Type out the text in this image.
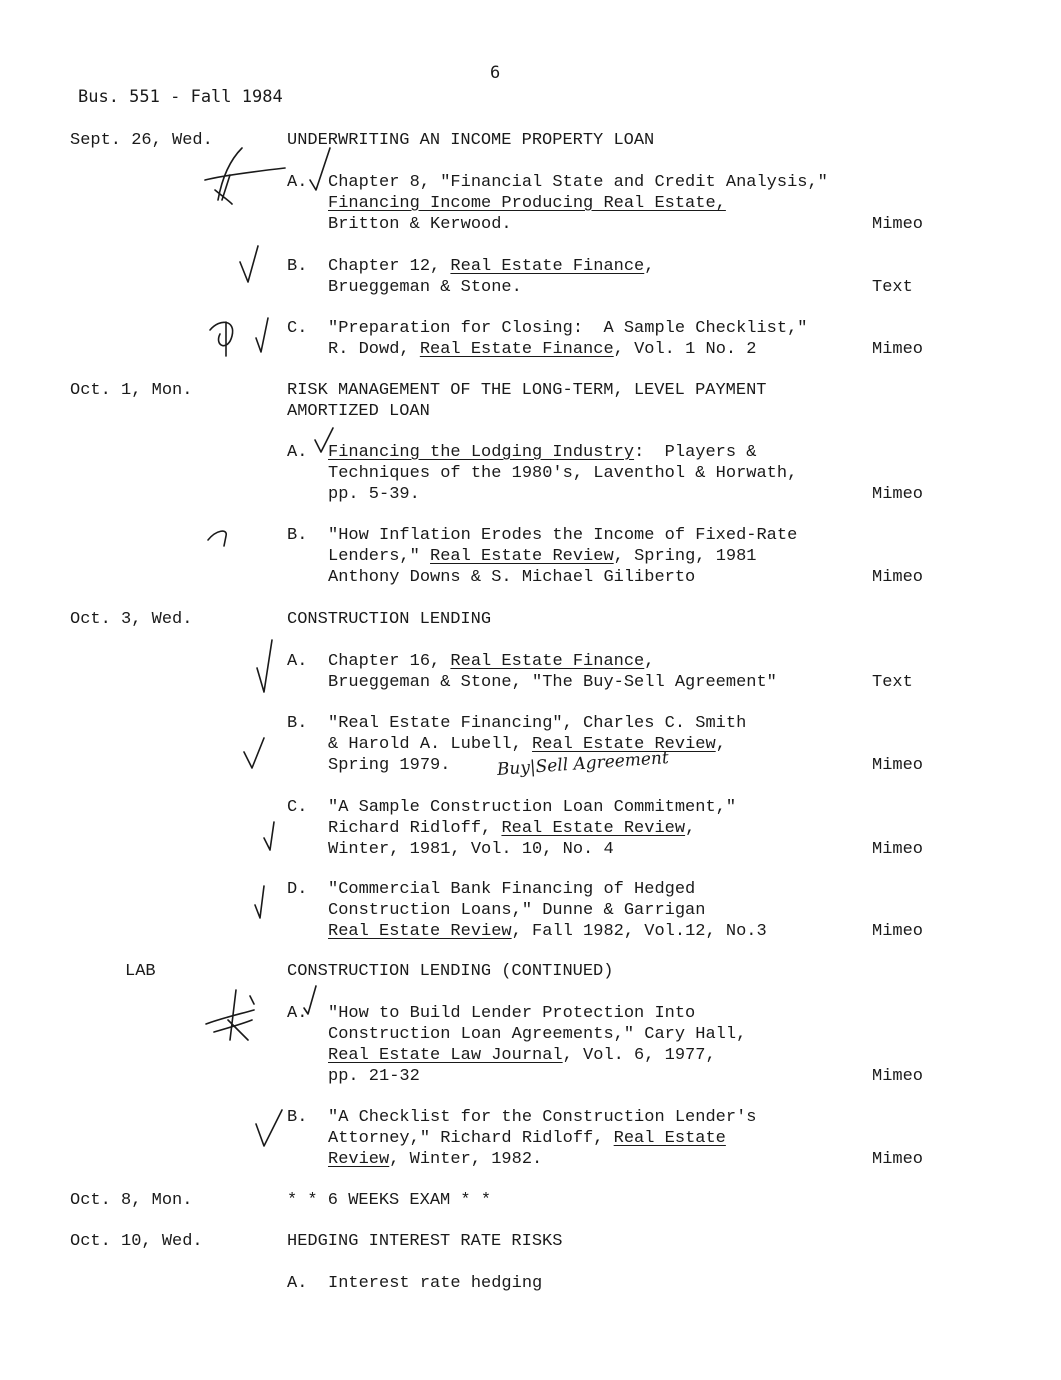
6
Bus. 551 - Fall 1984
Sept. 26, Wed.	UNDERWRITING AN INCOME PROPERTY LOAN
A. Chapter 8, "Financial State and Credit Analysis,"
Financing Income Producing Real Estate,
Britton & Kerwood.	Mimeo
B. Chapter 12, Real Estate Finance,
Brueggeman & Stone.	Text
C. "Preparation for Closing:  A Sample Checklist,"
R. Dowd, Real Estate Finance, Vol. 1 No. 2	Mimeo
Oct. 1, Mon.	RISK MANAGEMENT OF THE LONG-TERM, LEVEL PAYMENT
AMORTIZED LOAN
A. Financing the Lodging Industry:  Players &
Techniques of the 1980's, Laventhol & Horwath,
pp. 5-39.	Mimeo
B. "How Inflation Erodes the Income of Fixed-Rate
Lenders," Real Estate Review, Spring, 1981
Anthony Downs & S. Michael Giliberto	Mimeo
Oct. 3, Wed.	CONSTRUCTION LENDING
A. Chapter 16, Real Estate Finance,
Brueggeman & Stone, "The Buy-Sell Agreement"	Text
B. "Real Estate Financing", Charles C. Smith
& Harold A. Lubell, Real Estate Review,
Spring 1979.	Mimeo
C. "A Sample Construction Loan Commitment,"
Richard Ridloff, Real Estate Review,
Winter, 1981, Vol. 10, No. 4	Mimeo
D. "Commercial Bank Financing of Hedged
Construction Loans," Dunne & Garrigan
Real Estate Review, Fall 1982, Vol.12, No.3	Mimeo
LAB	CONSTRUCTION LENDING (CONTINUED)
A. "How to Build Lender Protection Into
Construction Loan Agreements," Cary Hall,
Real Estate Law Journal, Vol. 6, 1977,
pp. 21-32	Mimeo
B. "A Checklist for the Construction Lender's
Attorney," Richard Ridloff, Real Estate
Review, Winter, 1982.	Mimeo
Oct. 8, Mon.	* * 6 WEEKS EXAM * *
Oct. 10, Wed.	HEDGING INTEREST RATE RISKS
A. Interest rate hedging
Buy|Sell Agreement
